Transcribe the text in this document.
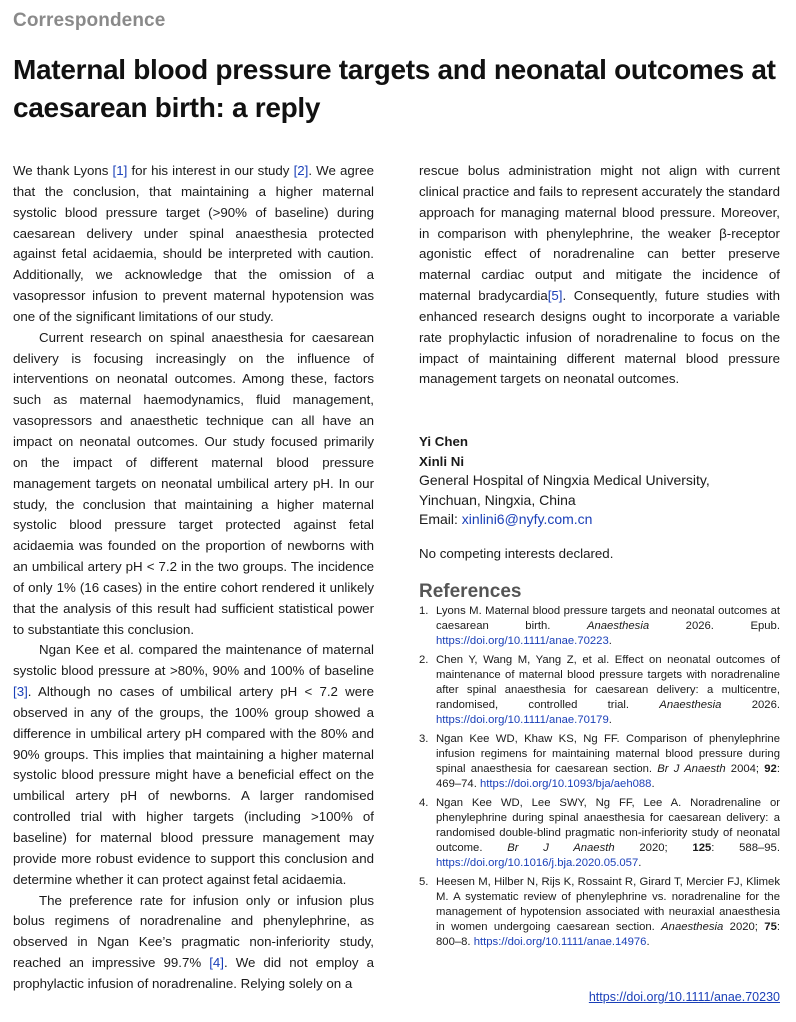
Correspondence
Maternal blood pressure targets and neonatal outcomes at caesarean birth: a reply

We thank Lyons [1] for his interest in our study [2]. We agree that the conclusion, that maintaining a higher maternal systolic blood pressure target (>90% of baseline) during caesarean delivery under spinal anaesthesia protected against fetal acidaemia, should be interpreted with caution. Additionally, we acknowledge that the omission of a vasopressor infusion to prevent maternal hypotension was one of the significant limitations of our study.

Current research on spinal anaesthesia for caesarean delivery is focusing increasingly on the influence of interventions on neonatal outcomes. Among these, factors such as maternal haemodynamics, fluid management, vasopressors and anaesthetic technique can all have an impact on neonatal outcomes. Our study focused primarily on the impact of different maternal blood pressure management targets on neonatal umbilical artery pH. In our study, the conclusion that maintaining a higher maternal systolic blood pressure target protected against fetal acidaemia was founded on the proportion of newborns with an umbilical artery pH < 7.2 in the two groups. The incidence of only 1% (16 cases) in the entire cohort rendered it unlikely that the analysis of this result had sufficient statistical power to substantiate this conclusion.

Ngan Kee et al. compared the maintenance of maternal systolic blood pressure at >80%, 90% and 100% of baseline [3]. Although no cases of umbilical artery pH < 7.2 were observed in any of the groups, the 100% group showed a difference in umbilical artery pH compared with the 80% and 90% groups. This implies that maintaining a higher maternal systolic blood pressure might have a beneficial effect on the umbilical artery pH of newborns. A larger randomised controlled trial with higher targets (including >100% of baseline) for maternal blood pressure management may provide more robust evidence to support this conclusion and determine whether it can protect against fetal acidaemia.

The preference rate for infusion only or infusion plus bolus regimens of noradrenaline and phenylephrine, as observed in Ngan Kee’s pragmatic non-inferiority study, reached an impressive 99.7% [4]. We did not employ a prophylactic infusion of noradrenaline. Relying solely on a

rescue bolus administration might not align with current clinical practice and fails to represent accurately the standard approach for managing maternal blood pressure. Moreover, in comparison with phenylephrine, the weaker β-receptor agonistic effect of noradrenaline can better preserve maternal cardiac output and mitigate the incidence of maternal bradycardia[5]. Consequently, future studies with enhanced research designs ought to incorporate a variable rate prophylactic infusion of noradrenaline to focus on the impact of maintaining different maternal blood pressure management targets on neonatal outcomes.

Yi Chen
Xinli Ni
General Hospital of Ningxia Medical University,
Yinchuan, Ningxia, China
Email: xinlini6@nyfy.com.cn
No competing interests declared.
References
1. Lyons M. Maternal blood pressure targets and neonatal outcomes at caesarean birth. Anaesthesia 2026. Epub. https://doi.org/10.1111/anae.70223.
2. Chen Y, Wang M, Yang Z, et al. Effect on neonatal outcomes of maintenance of maternal blood pressure targets with noradrenaline after spinal anaesthesia for caesarean delivery: a multicentre, randomised, controlled trial. Anaesthesia 2026. https://doi.org/10.1111/anae.70179.
3. Ngan Kee WD, Khaw KS, Ng FF. Comparison of phenylephrine infusion regimens for maintaining maternal blood pressure during spinal anaesthesia for caesarean section. Br J Anaesth 2004; 92: 469–74. https://doi.org/10.1093/bja/aeh088.
4. Ngan Kee WD, Lee SWY, Ng FF, Lee A. Noradrenaline or phenylephrine during spinal anaesthesia for caesarean delivery: a randomised double-blind pragmatic non-inferiority study of neonatal outcome. Br J Anaesth 2020; 125: 588–95. https://doi.org/10.1016/j.bja.2020.05.057.
5. Heesen M, Hilber N, Rijs K, Rossaint R, Girard T, Mercier FJ, Klimek M. A systematic review of phenylephrine vs. noradrenaline for the management of hypotension associated with neuraxial anaesthesia in women undergoing caesarean section. Anaesthesia 2020; 75: 800–8. https://doi.org/10.1111/anae.14976.
https://doi.org/10.1111/anae.70230
